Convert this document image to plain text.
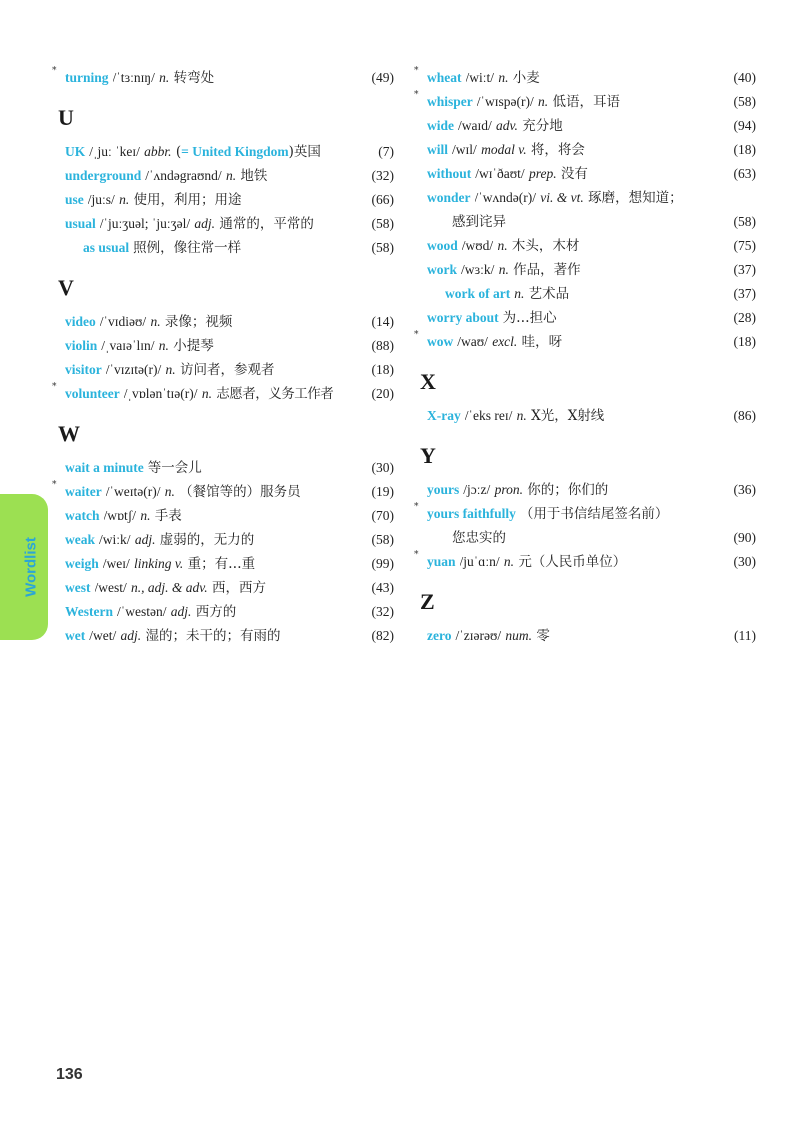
* turning /ˈtɜːnɪŋ/ n. 转弯处	(49)
U
UK /ˌjuː ˈkeɪ/ abbr. (= United Kingdom)英国	(7)
underground /ˈʌndəgraʊnd/ n. 地铁	(32)
use /juːs/ n. 使用，利用；用途	(66)
usual /ˈjuːʒuəl; ˈjuːʒəl/ adj. 通常的，平常的	(58)
as usual 照例，像往常一样	(58)
V
video /ˈvɪdiəʊ/ n. 录像；视频	(14)
violin /ˌvaɪəˈlɪn/ n. 小提琴	(88)
visitor /ˈvɪzɪtə(r)/ n. 访问者，参观者	(18)
* volunteer /ˌvɒlənˈtɪə(r)/ n. 志愿者，义务工作者	(20)
W
wait a minute 等一会儿	(30)
* waiter /ˈweɪtə(r)/ n. （餐馆等的）服务员	(19)
watch /wɒtʃ/ n. 手表	(70)
weak /wiːk/ adj. 虚弱的，无力的	(58)
weigh /weɪ/ linking v. 重；有…重	(99)
west /west/ n., adj. & adv. 西，西方	(43)
Western /ˈwestən/ adj. 西方的	(32)
wet /wet/ adj. 湿的；未干的；有雨的	(82)
* wheat /wiːt/ n. 小麦	(40)
* whisper /ˈwɪspə(r)/ n. 低语，耳语	(58)
wide /waɪd/ adv. 充分地	(94)
will /wɪl/ modal v. 将，将会	(18)
without /wɪˈðaʊt/ prep. 没有	(63)
wonder /ˈwʌndə(r)/ vi. & vt. 琢磨，想知道；
感到诧异	(58)
wood /wʊd/ n. 木头，木材	(75)
work /wɜːk/ n. 作品，著作	(37)
work of art n. 艺术品	(37)
worry about 为…担心	(28)
* wow /waʊ/ excl. 哇，呀	(18)
X
X-ray /ˈeks reɪ/ n. X光，X射线	(86)
Y
yours /jɔːz/ pron. 你的；你们的	(36)
* yours faithfully （用于书信结尾签名前）
您忠实的	(90)
* yuan /juˈɑːn/ n. 元（人民币单位）	(30)
Z
zero /ˈzɪərəʊ/ num. 零	(11)
Wordlist
136
